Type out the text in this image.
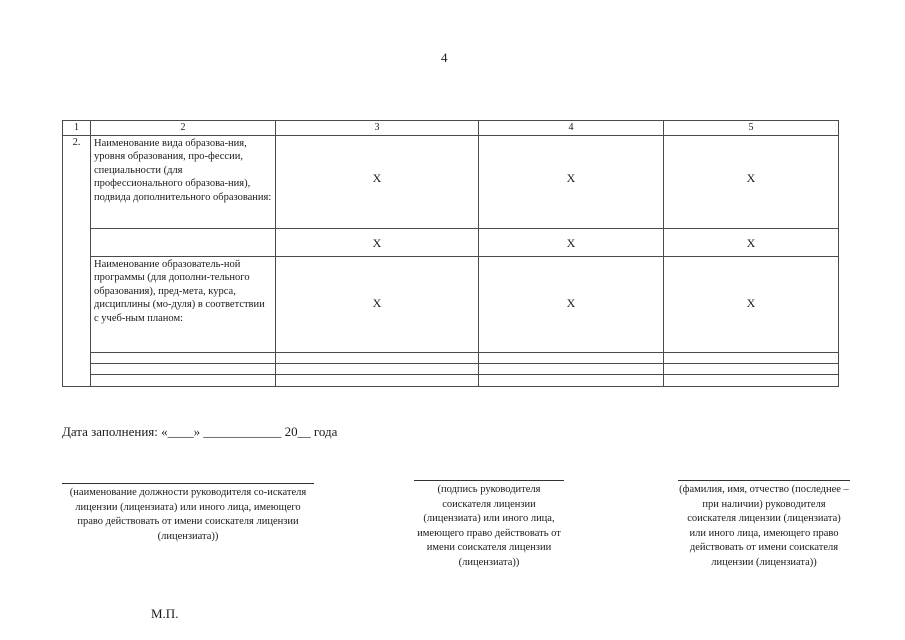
4
1	2	3	4	5
2.	Наименование вида образова-ния, уровня образования, про-фессии, специальности (для профессионального образова-ния), подвида дополнительного образования:	Х	Х	Х
		Х	Х	Х
	Наименование образователь-ной программы (для дополни-тельного образования), пред-мета, курса, дисциплины (мо-дуля) в соответствии с учеб-ным планом:	Х	Х	Х

Дата заполнения: «____» ____________ 20__ года
(наименование должности руководителя со-искателя лицензии (лицензиата) или иного лица, имеющего право действовать от имени соискателя лицензии (лицензиата))
(подпись руководителя соискателя лицензии (лицензиата) или иного лица, имеющего право действовать от имени соискателя лицензии (лицензиата))
(фамилия, имя, отчество (последнее – при наличии) руководителя соискателя лицензии (лицензиата) или иного лица, имеющего право действовать от имени соискателя лицензии (лицензиата))
М.П.
